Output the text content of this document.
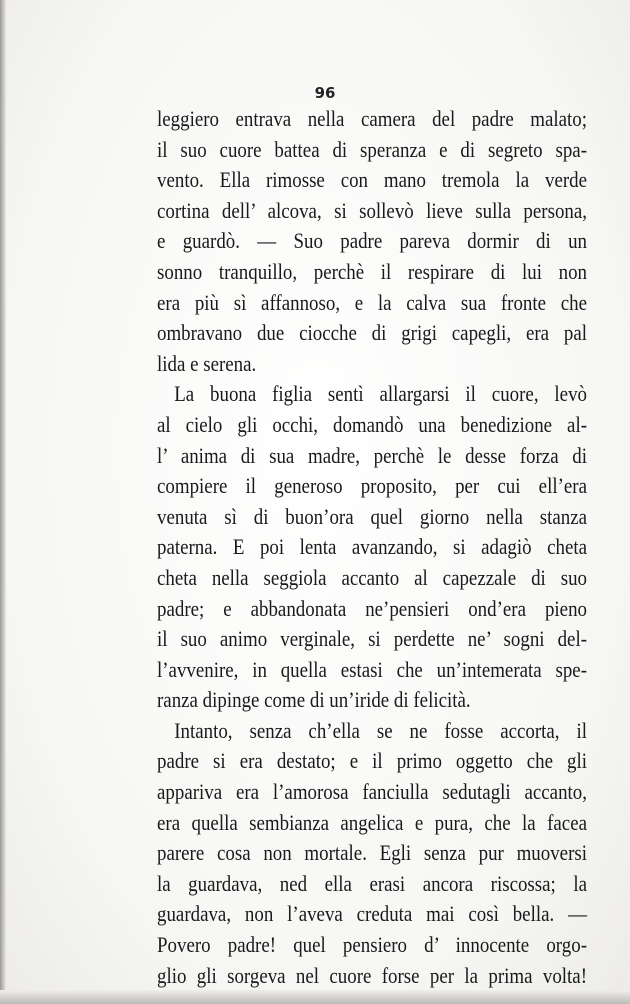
96
leggiero entrava nella camera del padre malato;
il suo cuore battea di speranza e di segreto spa-
vento. Ella rimosse con mano tremola la verde
cortina dell’ alcova, si sollevò lieve sulla persona,
e guardò. — Suo padre pareva dormir di un
sonno tranquillo, perchè il respirare di lui non
era più sì affannoso, e la calva sua fronte che
ombravano due ciocche di grigi capegli, era pal
lida e serena.
La buona figlia sentì allargarsi il cuore, levò
al cielo gli occhi, domandò una benedizione al-
l’ anima di sua madre, perchè le desse forza di
compiere il generoso proposito, per cui ell’era
venuta sì di buon’ora quel giorno nella stanza
paterna. E poi lenta avanzando, si adagiò cheta
cheta nella seggiola accanto al capezzale di suo
padre; e abbandonata ne’pensieri ond’era pieno
il suo animo verginale, si perdette ne’ sogni del-
l’avvenire, in quella estasi che un’intemerata spe-
ranza dipinge come di un’iride di felicità.
Intanto, senza ch’ella se ne fosse accorta, il
padre si era destato; e il primo oggetto che gli
appariva era l’amorosa fanciulla sedutagli accanto,
era quella sembianza angelica e pura, che la facea
parere cosa non mortale. Egli senza pur muoversi
la guardava, ned ella erasi ancora riscossa; la
guardava, non l’aveva creduta mai così bella. —
Povero padre! quel pensiero d’ innocente orgo-
glio gli sorgeva nel cuore forse per la prima volta!
